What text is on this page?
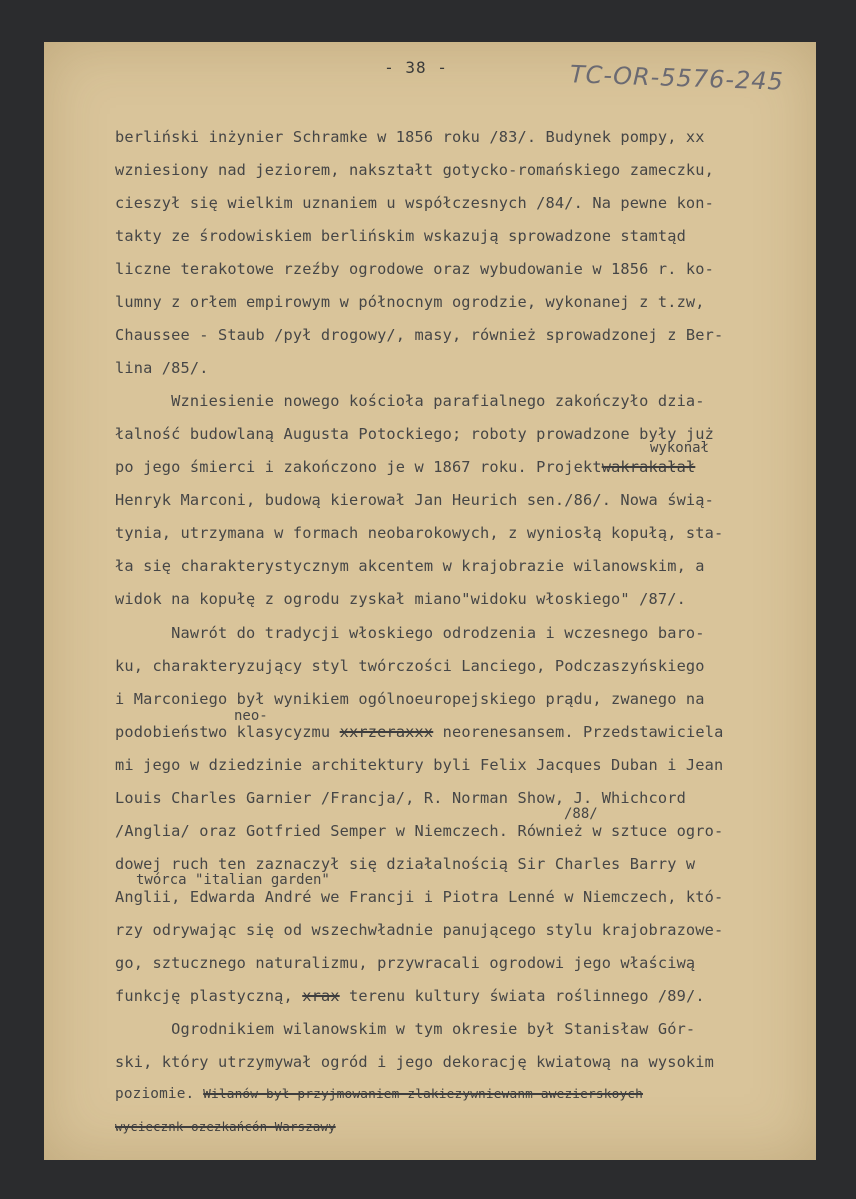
- 38 -	TC-OR-5576-245
berliński inżynier Schramke w 1856 roku /83/. Budynek pompy, xx
wzniesiony nad jeziorem, nakształt gotycko-romańskiego zameczku,
cieszył się wielkim uznaniem u współczesnych /84/. Na pewne kon-
takty ze środowiskiem berlińskim wskazują sprowadzone stamtąd
liczne terakotowe rzeźby ogrodowe oraz wybudowanie w 1856 r. ko-
lumny z orłem empirowym w północnym ogrodzie, wykonanej z t.zw,
Chaussee - Staub /pył drogowy/, masy, również sprowadzonej z Ber-
lina /85/.
Wzniesienie nowego kościoła parafialnego zakończyło dzia-
łalność budowlaną Augusta Potockiego; roboty prowadzone były już
wykonał
po jego śmierci i zakończono je w 1867 roku. Projektwakrakałał
Henryk Marconi, budową kierował Jan Heurich sen./86/. Nowa świą-
tynia, utrzymana w formach neobarokowych, z wyniosłą kopułą, sta-
ła się charakterystycznym akcentem w krajobrazie wilanowskim, a
widok na kopułę z ogrodu zyskał miano"widoku włoskiego" /87/.
Nawrót do tradycji włoskiego odrodzenia i wczesnego baro-
ku, charakteryzujący styl twórczości Lanciego, Podczaszyńskiego
i Marconiego był wynikiem ogólnoeuropejskiego prądu, zwanego na
neo-
podobieństwo klasycyzmu xxrzeraxxx neorenesansem. Przedstawiciela
mi jego w dziedzinie architektury byli Felix Jacques Duban i Jean
Louis Charles Garnier /Francja/, R. Norman Show, J. Whichcord
/88/
/Anglia/ oraz Gotfried Semper w Niemczech. Również w sztuce ogro-
dowej ruch ten zaznaczył się działalnością Sir Charles Barry w
twórca "italian garden"
Anglii, Edwarda André we Francji i Piotra Lenné w Niemczech, któ-
rzy odrywając się od wszechwładnie panującego stylu krajobrazowe-
go, sztucznego naturalizmu, przywracali ogrodowi jego właściwą
funkcję plastyczną, xrax terenu kultury świata roślinnego /89/.
Ogrodnikiem wilanowskim w tym okresie był Stanisław Gór-
ski, który utrzymywał ogród i jego dekorację kwiatową na wysokim
poziomie. Wilanów był przyjmowaniem zlakiezywniewanm awezierskoych
wyciecznk-ozezkańcón-Warszawy
